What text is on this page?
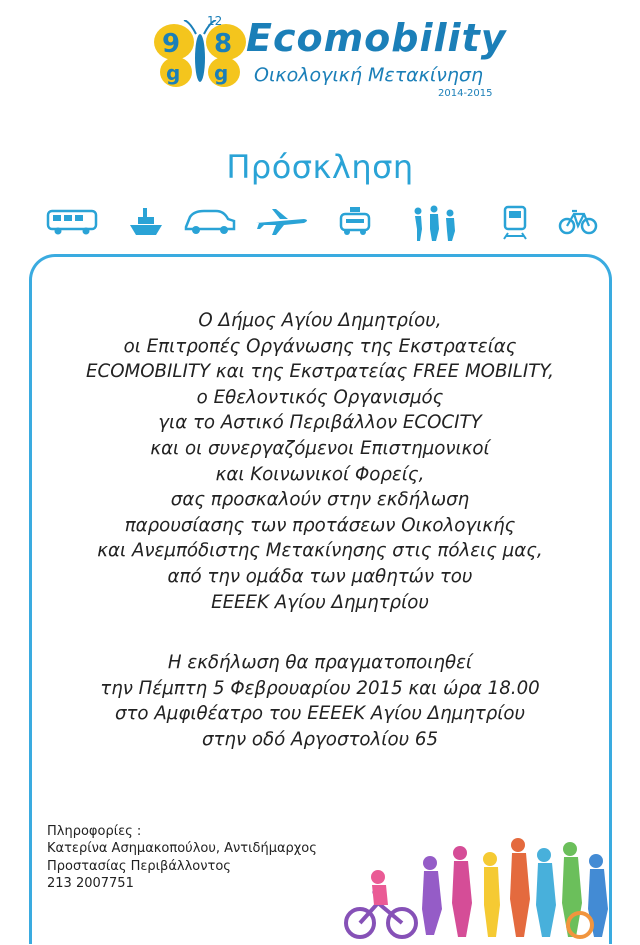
9 8
g g
12 Ecomobility
Οικολογική Μετακίνηση
2014-2015
Πρόσκληση
Ο Δήμος Αγίου Δημητρίου,
οι Επιτροπές Οργάνωσης της Εκστρατείας
ECOMOBILITY και της Εκστρατείας FREE MOBILITY,
ο Εθελοντικός Οργανισμός
για το Αστικό Περιβάλλον ECOCITY
και οι συνεργαζόμενοι Επιστημονικοί
και Κοινωνικοί Φορείς,
σας προσκαλούν στην εκδήλωση
παρουσίασης των προτάσεων Οικολογικής
και Ανεμπόδιστης Μετακίνησης στις πόλεις μας,
από την ομάδα των μαθητών του
ΕΕΕΕΚ Αγίου Δημητρίου
Η εκδήλωση θα πραγματοποιηθεί
την Πέμπτη 5 Φεβρουαρίου 2015 και ώρα 18.00
στο Αμφιθέατρο του ΕΕΕΕΚ Αγίου Δημητρίου
στην οδό Αργοστολίου 65
Πληροφορίες :
Κατερίνα Ασημακοπούλου, Αντιδήμαρχος
Προστασίας Περιβάλλοντος
213 2007751
